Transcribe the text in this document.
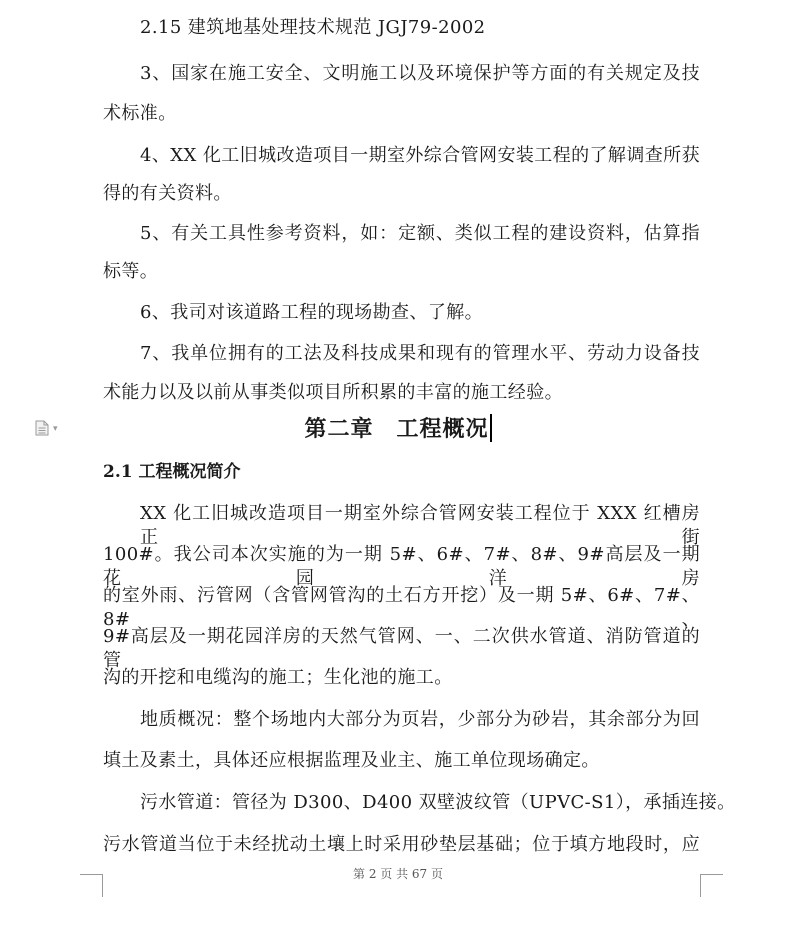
2.15 建筑地基处理技术规范 JGJ79-2002
3、国家在施工安全、文明施工以及环境保护等方面的有关规定及技
术标准。
4、XX 化工旧城改造项目一期室外综合管网安装工程的了解调查所获
得的有关资料。
5、有关工具性参考资料，如：定额、类似工程的建设资料，估算指
标等。
6、我司对该道路工程的现场勘查、了解。
7、我单位拥有的工法及科技成果和现有的管理水平、劳动力设备技
术能力以及以前从事类似项目所积累的丰富的施工经验。
▾	第二章　工程概况
2.1 工程概况简介
XX 化工旧城改造项目一期室外综合管网安装工程位于 XXX 红槽房正街
100#。我公司本次实施的为一期 5#、6#、7#、8#、9#高层及一期花园洋房
的室外雨、污管网（含管网管沟的土石方开挖）及一期 5#、6#、7#、8#、
9#高层及一期花园洋房的天然气管网、一、二次供水管道、消防管道的管
沟的开挖和电缆沟的施工；生化池的施工。
地质概况：整个场地内大部分为页岩，少部分为砂岩，其余部分为回
填土及素土，具体还应根据监理及业主、施工单位现场确定。
污水管道：管径为 D300、D400 双壁波纹管（UPVC-S1），承插连接。
污水管道当位于未经扰动土壤上时采用砂垫层基础；位于填方地段时，应
第 2 页 共 67 页
